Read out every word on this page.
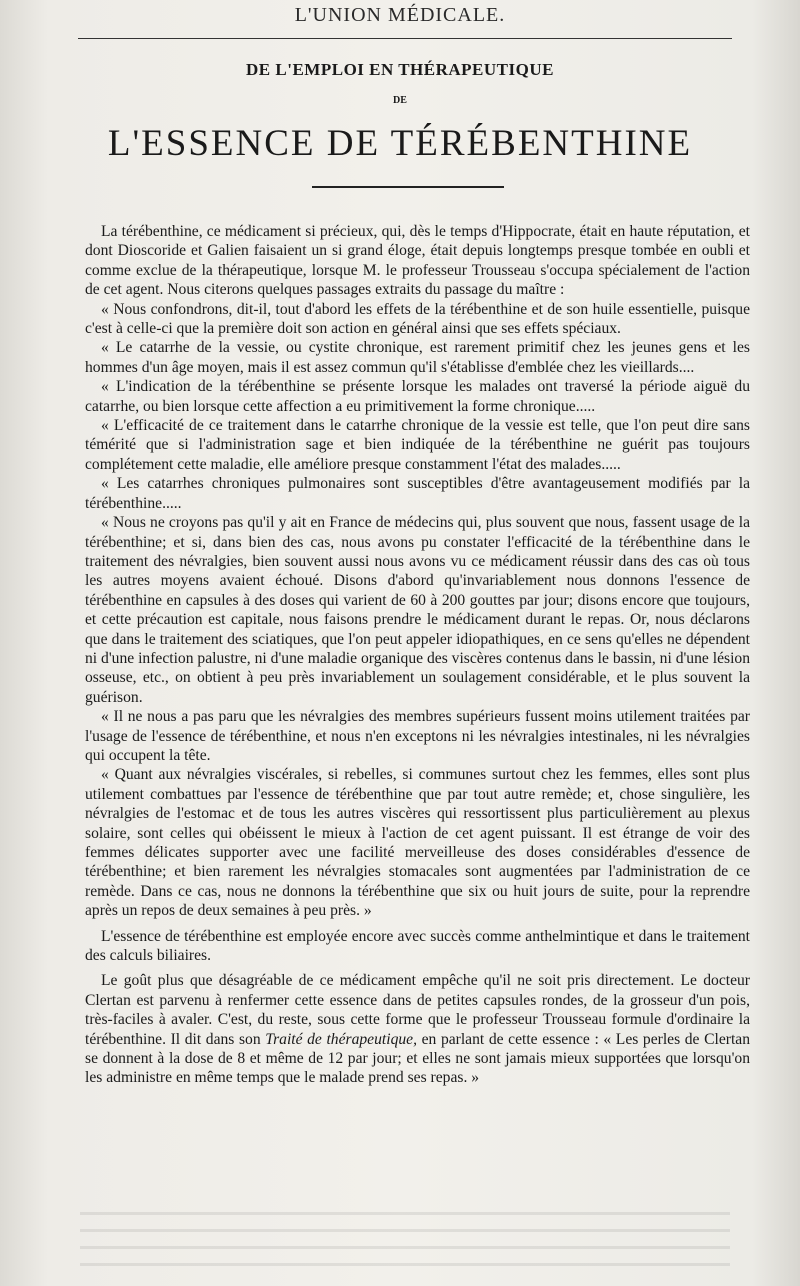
L'UNION MÉDICALE.
DE L'EMPLOI EN THÉRAPEUTIQUE
DE
L'ESSENCE DE TÉRÉBENTHINE

La térébenthine, ce médicament si précieux, qui, dès le temps d'Hippocrate, était en haute réputation, et dont Dioscoride et Galien faisaient un si grand éloge, était depuis longtemps presque tombée en oubli et comme exclue de la thérapeutique, lorsque M. le professeur Trousseau s'occupa spécialement de l'action de cet agent. Nous citerons quelques passages extraits du passage du maître :

« Nous confondrons, dit-il, tout d'abord les effets de la térébenthine et de son huile essentielle, puisque c'est à celle-ci que la première doit son action en général ainsi que ses effets spéciaux.

« Le catarrhe de la vessie, ou cystite chronique, est rarement primitif chez les jeunes gens et les hommes d'un âge moyen, mais il est assez commun qu'il s'établisse d'emblée chez les vieillards....

« L'indication de la térébenthine se présente lorsque les malades ont traversé la période aiguë du catarrhe, ou bien lorsque cette affection a eu primitivement la forme chronique.....

« L'efficacité de ce traitement dans le catarrhe chronique de la vessie est telle, que l'on peut dire sans témérité que si l'administration sage et bien indiquée de la térébenthine ne guérit pas toujours complétement cette maladie, elle améliore presque constamment l'état des malades.....

« Les catarrhes chroniques pulmonaires sont susceptibles d'être avantageusement modifiés par la térébenthine.....

« Nous ne croyons pas qu'il y ait en France de médecins qui, plus souvent que nous, fassent usage de la térébenthine; et si, dans bien des cas, nous avons pu constater l'efficacité de la térébenthine dans le traitement des névralgies, bien souvent aussi nous avons vu ce médicament réussir dans des cas où tous les autres moyens avaient échoué. Disons d'abord qu'invariablement nous donnons l'essence de térébenthine en capsules à des doses qui varient de 60 à 200 gouttes par jour; disons encore que toujours, et cette précaution est capitale, nous faisons prendre le médicament durant le repas. Or, nous déclarons que dans le traitement des sciatiques, que l'on peut appeler idiopathiques, en ce sens qu'elles ne dépendent ni d'une infection palustre, ni d'une maladie organique des viscères contenus dans le bassin, ni d'une lésion osseuse, etc., on obtient à peu près invariablement un soulagement considérable, et le plus souvent la guérison.

« Il ne nous a pas paru que les névralgies des membres supérieurs fussent moins utilement traitées par l'usage de l'essence de térébenthine, et nous n'en exceptons ni les névralgies intestinales, ni les névralgies qui occupent la tête.

« Quant aux névralgies viscérales, si rebelles, si communes surtout chez les femmes, elles sont plus utilement combattues par l'essence de térébenthine que par tout autre remède; et, chose singulière, les névralgies de l'estomac et de tous les autres viscères qui ressortissent plus particulièrement au plexus solaire, sont celles qui obéissent le mieux à l'action de cet agent puissant. Il est étrange de voir des femmes délicates supporter avec une facilité merveilleuse des doses considérables d'essence de térébenthine; et bien rarement les névralgies stomacales sont augmentées par l'administration de ce remède. Dans ce cas, nous ne donnons la térébenthine que six ou huit jours de suite, pour la reprendre après un repos de deux semaines à peu près. »

L'essence de térébenthine est employée encore avec succès comme anthelmintique et dans le traitement des calculs biliaires.

Le goût plus que désagréable de ce médicament empêche qu'il ne soit pris directement. Le docteur Clertan est parvenu à renfermer cette essence dans de petites capsules rondes, de la grosseur d'un pois, très-faciles à avaler. C'est, du reste, sous cette forme que le professeur Trousseau formule d'ordinaire la térébenthine. Il dit dans son Traité de thérapeutique, en parlant de cette essence : « Les perles de Clertan se donnent à la dose de 8 et même de 12 par jour; et elles ne sont jamais mieux supportées que lorsqu'on les administre en même temps que le malade prend ses repas. »
